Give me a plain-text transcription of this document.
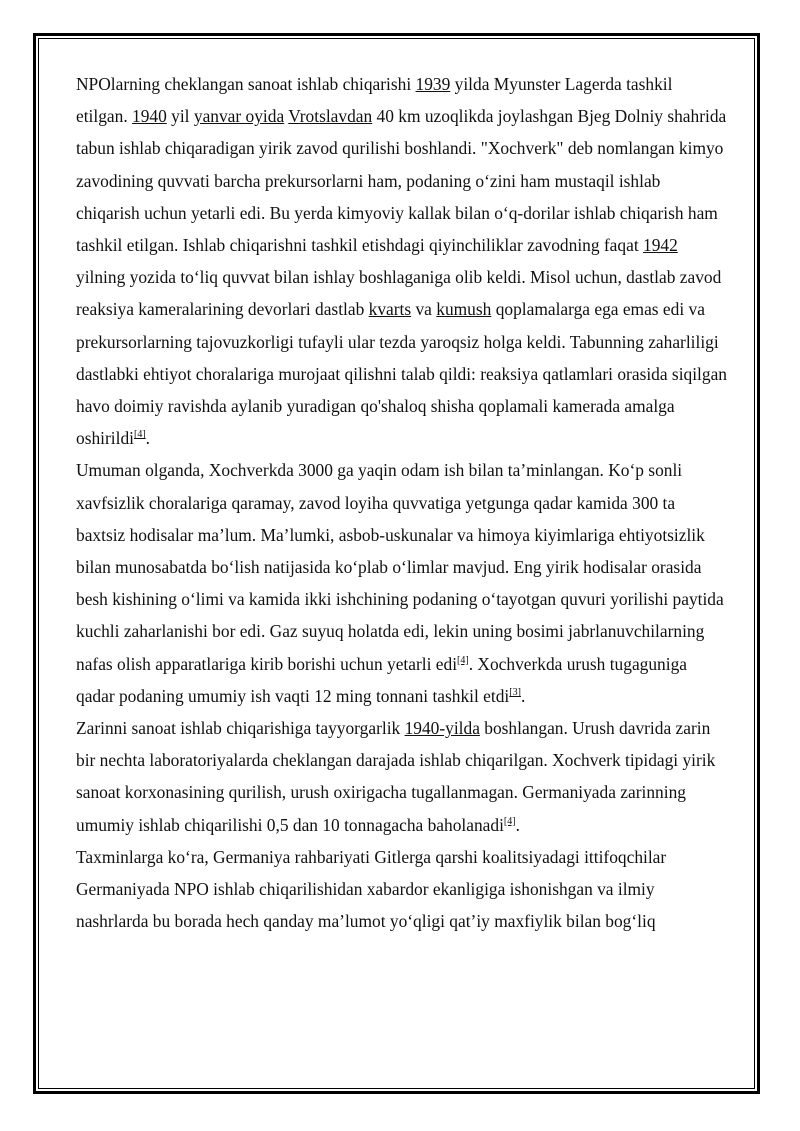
NPOlarning cheklangan sanoat ishlab chiqarishi 1939 yilda Myunster Lagerda tashkil etilgan. 1940 yil yanvar oyida Vrotslavdan 40 km uzoqlikda joylashgan Bjeg Dolniy shahrida tabun ishlab chiqaradigan yirik zavod qurilishi boshlandi. "Xochverk" deb nomlangan kimyo zavodining quvvati barcha prekursorlarni ham, podaning oʻzini ham mustaqil ishlab chiqarish uchun yetarli edi. Bu yerda kimyoviy kallak bilan oʻq-dorilar ishlab chiqarish ham tashkil etilgan. Ishlab chiqarishni tashkil etishdagi qiyinchiliklar zavodning faqat 1942 yilning yozida toʻliq quvvat bilan ishlay boshlaganiga olib keldi. Misol uchun, dastlab zavod reaksiya kameralarining devorlari dastlab kvarts va kumush qoplamalarga ega emas edi va prekursorlarning tajovuzkorligi tufayli ular tezda yaroqsiz holga keldi. Tabunning zaharliligi dastlabki ehtiyot choralariga murojaat qilishni talab qildi: reaksiya qatlamlari orasida siqilgan havo doimiy ravishda aylanib yuradigan qo'shaloq shisha qoplamali kamerada amalga oshirildi[4].

Umuman olganda, Xochverkda 3000 ga yaqin odam ish bilan taʼminlangan. Koʻp sonli xavfsizlik choralariga qaramay, zavod loyiha quvvatiga yetgunga qadar kamida 300 ta baxtsiz hodisalar maʼlum. Maʼlumki, asbob-uskunalar va himoya kiyimlariga ehtiyotsizlik bilan munosabatda boʻlish natijasida koʻplab oʻlimlar mavjud. Eng yirik hodisalar orasida besh kishining oʻlimi va kamida ikki ishchining podaning oʻtayotgan quvuri yorilishi paytida kuchli zaharlanishi bor edi. Gaz suyuq holatda edi, lekin uning bosimi jabrlanuvchilarning nafas olish apparatlariga kirib borishi uchun yetarli edi[4]. Xochverkda urush tugaguniga qadar podaning umumiy ish vaqti 12 ming tonnani tashkil etdi[3].

Zarinni sanoat ishlab chiqarishiga tayyorgarlik 1940-yilda boshlangan. Urush davrida zarin bir nechta laboratoriyalarda cheklangan darajada ishlab chiqarilgan. Xochverk tipidagi yirik sanoat korxonasining qurilish, urush oxirigacha tugallanmagan. Germaniyada zarinning umumiy ishlab chiqarilishi 0,5 dan 10 tonnagacha baholanadi[4].

Taxminlarga koʻra, Germaniya rahbariyati Gitlerga qarshi koalitsiyadagi ittifoqchilar Germaniyada NPO ishlab chiqarilishidan xabardor ekanligiga ishonishgan va ilmiy nashrlarda bu borada hech qanday maʼlumot yoʻqligi qatʼiy maxfiylik bilan bogʻliq
